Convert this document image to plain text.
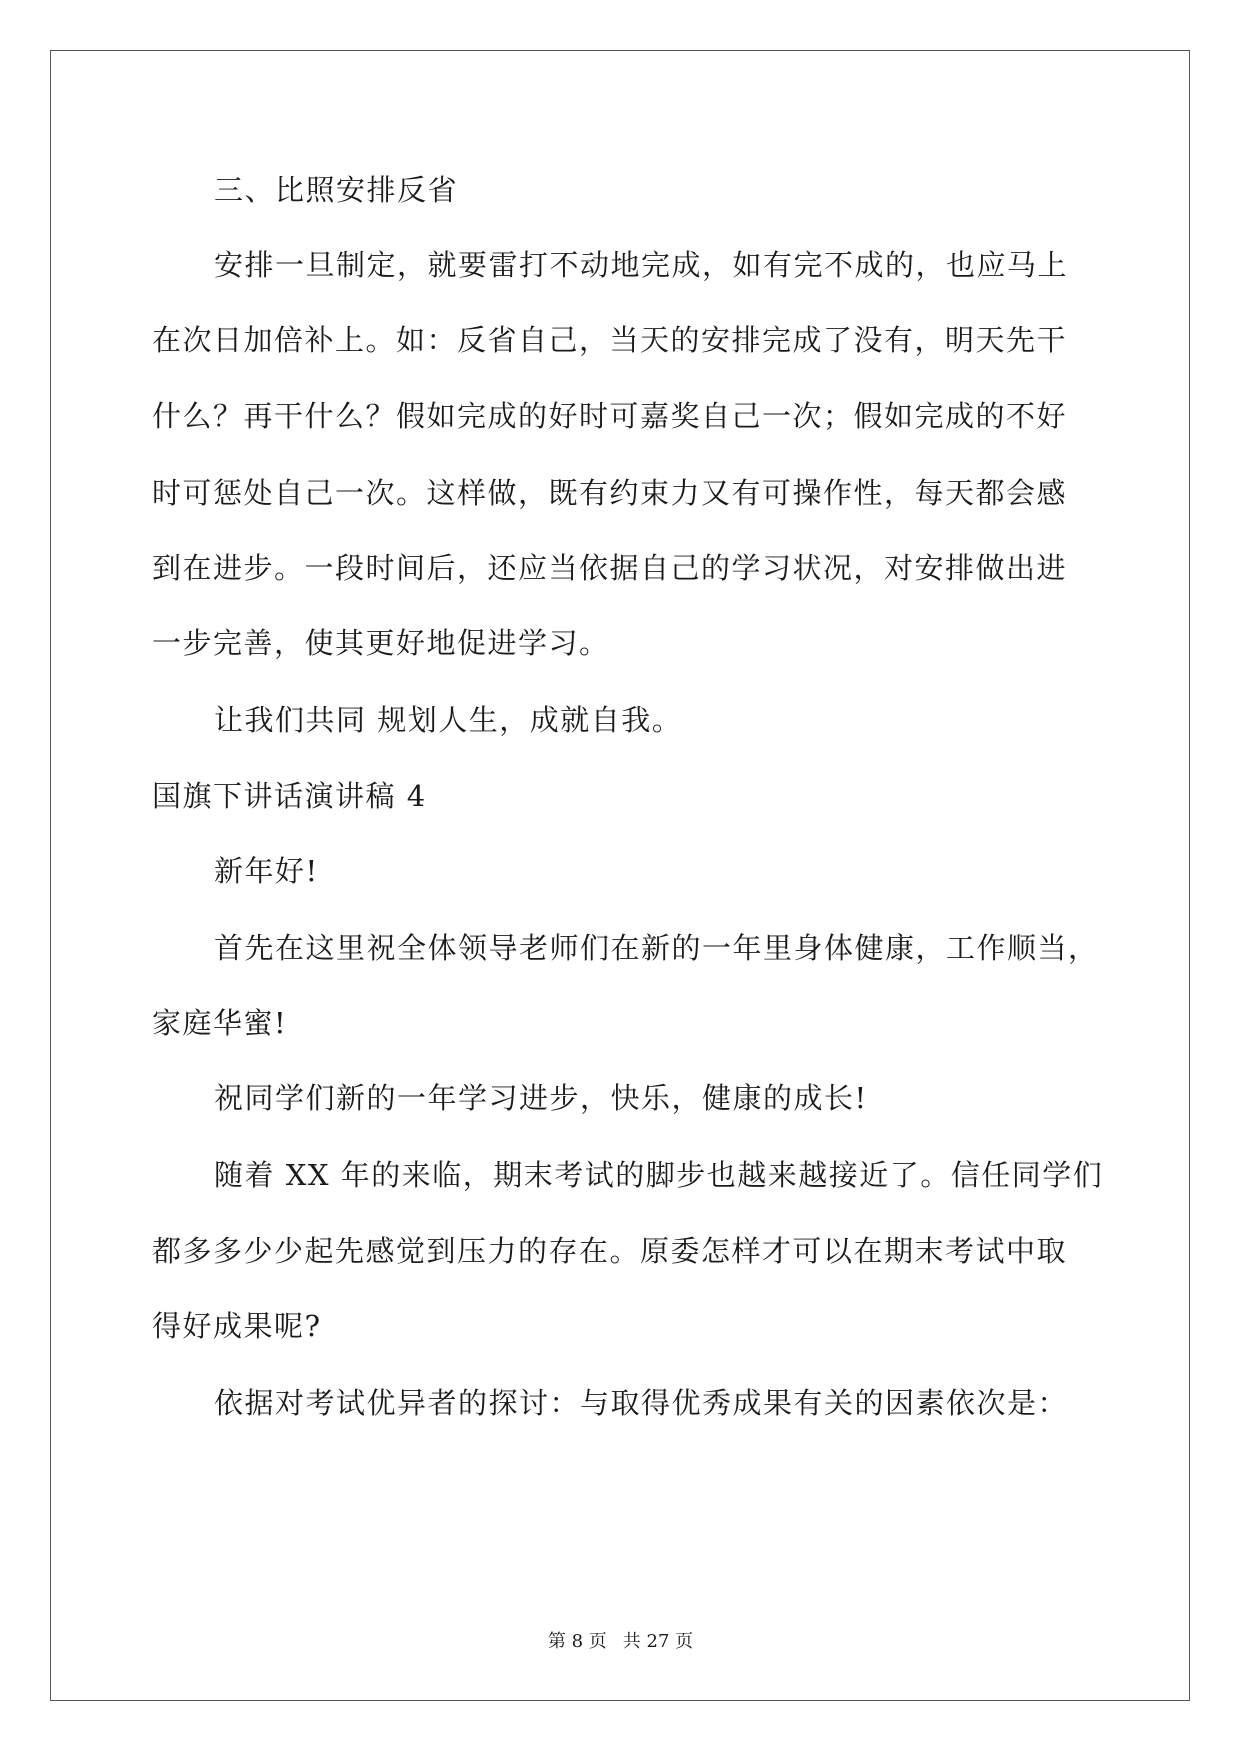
三、比照安排反省
安排一旦制定，就要雷打不动地完成，如有完不成的，也应马上
在次日加倍补上。如：反省自己，当天的安排完成了没有，明天先干
什么？再干什么？假如完成的好时可嘉奖自己一次；假如完成的不好
时可惩处自己一次。这样做，既有约束力又有可操作性，每天都会感
到在进步。一段时间后，还应当依据自己的学习状况，对安排做出进
一步完善，使其更好地促进学习。
让我们共同 规划人生，成就自我。
国旗下讲话演讲稿 4
新年好!
首先在这里祝全体领导老师们在新的一年里身体健康，工作顺当，
家庭华蜜!
祝同学们新的一年学习进步，快乐，健康的成长!
随着 XX 年的来临，期末考试的脚步也越来越接近了。信任同学们
都多多少少起先感觉到压力的存在。原委怎样才可以在期末考试中取
得好成果呢?
依据对考试优异者的探讨：与取得优秀成果有关的因素依次是：
第 8 页 共 27 页
